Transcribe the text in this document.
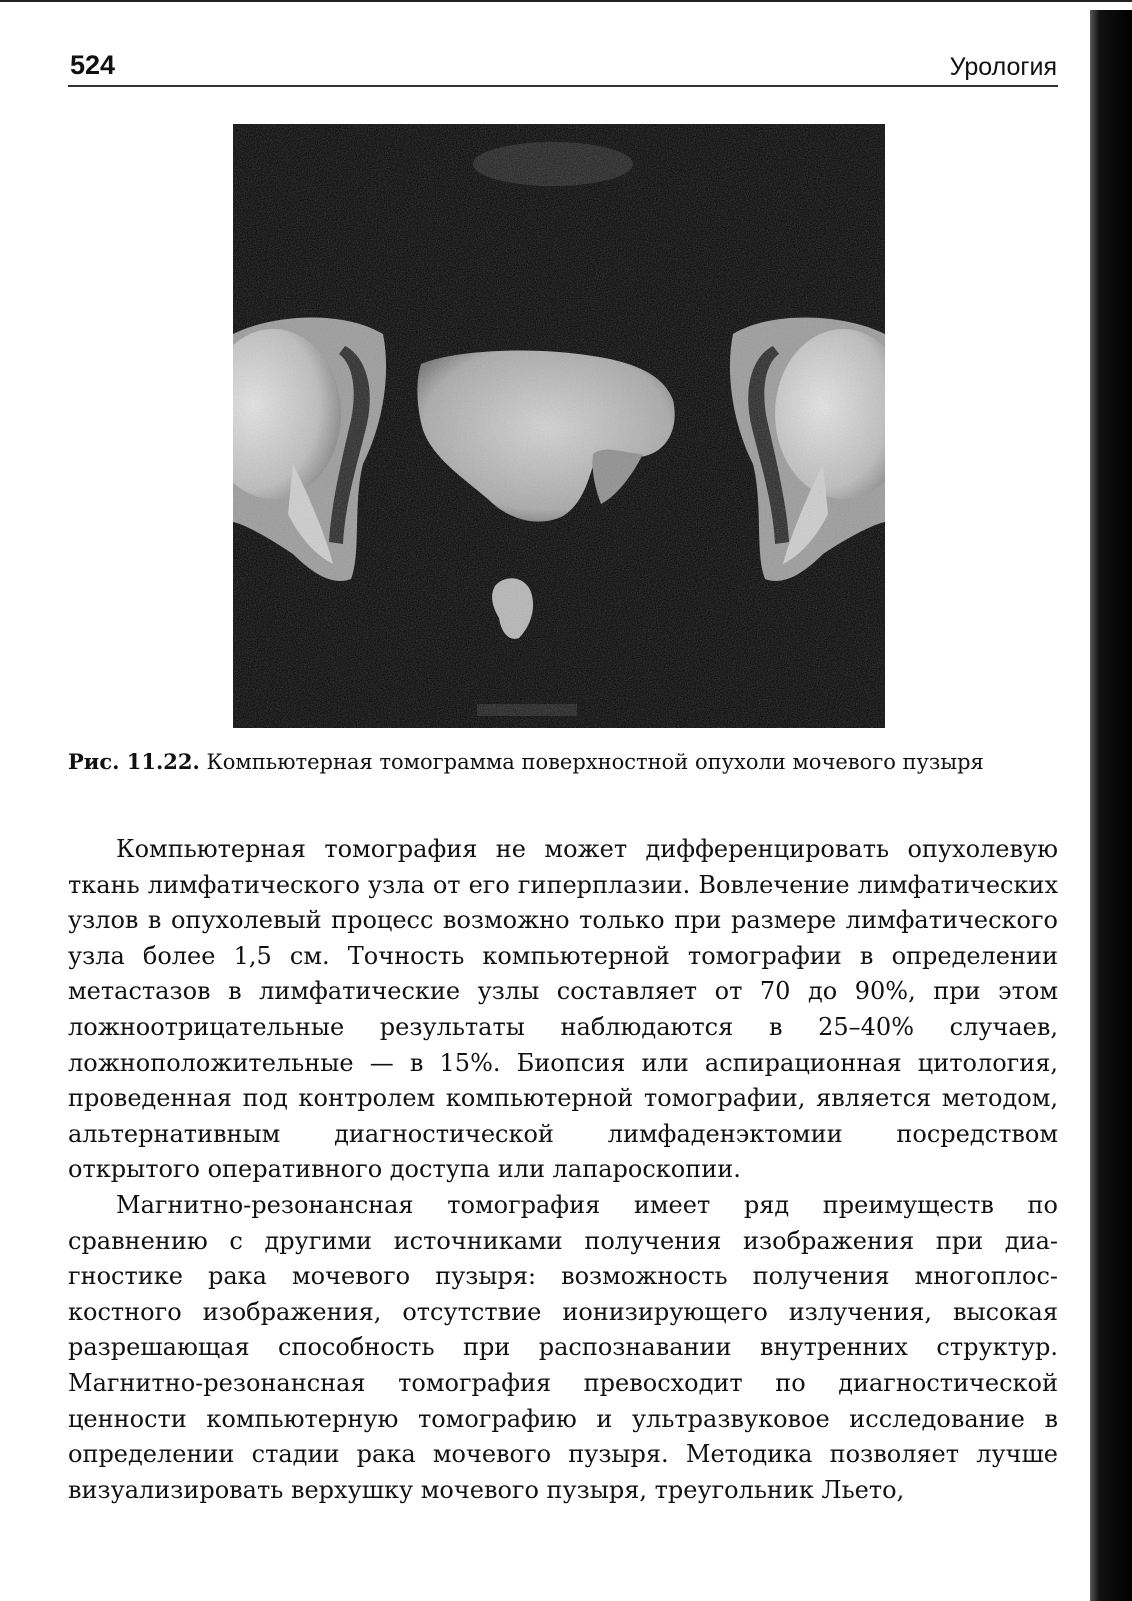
524	Урология
Рис. 11.22. Компьютерная томограмма поверхностной опухоли мочевого пузыря

Компьютерная томография не может дифференцировать опухолевую ткань лимфатического узла от его гиперплазии. Вовлечение лимфатических узлов в опухолевый процесс возможно только при размере лимфатического узла более 1,5 см. Точность компьютерной томографии в определении метастазов в лимфатические узлы составляет от 70 до 90%, при этом ложноотрицательные результаты наблюдаются в 25–40% случаев, ложноположительные — в 15%. Биопсия или аспирационная цитология, проведенная под контролем компьютерной томографии, является методом, альтернативным диагностической лимфаденэктомии посредством открытого оперативного доступа или лапароскопии.

Магнитно-резонансная томография имеет ряд преимуществ по сравнению с другими источниками получения изображения при диагностике рака мочевого пузыря: возможность получения многоплоскостного изображения, отсутствие ионизирующего излучения, высокая разрешающая способность при распознавании внутренних структур. Магнитно-резонансная томография превосходит по диагностической ценности компьютерную томографию и ультразвуковое исследование в определении стадии рака мочевого пузыря. Методика позволяет лучше визуализировать верхушку мочевого пузыря, треугольник Льето,
